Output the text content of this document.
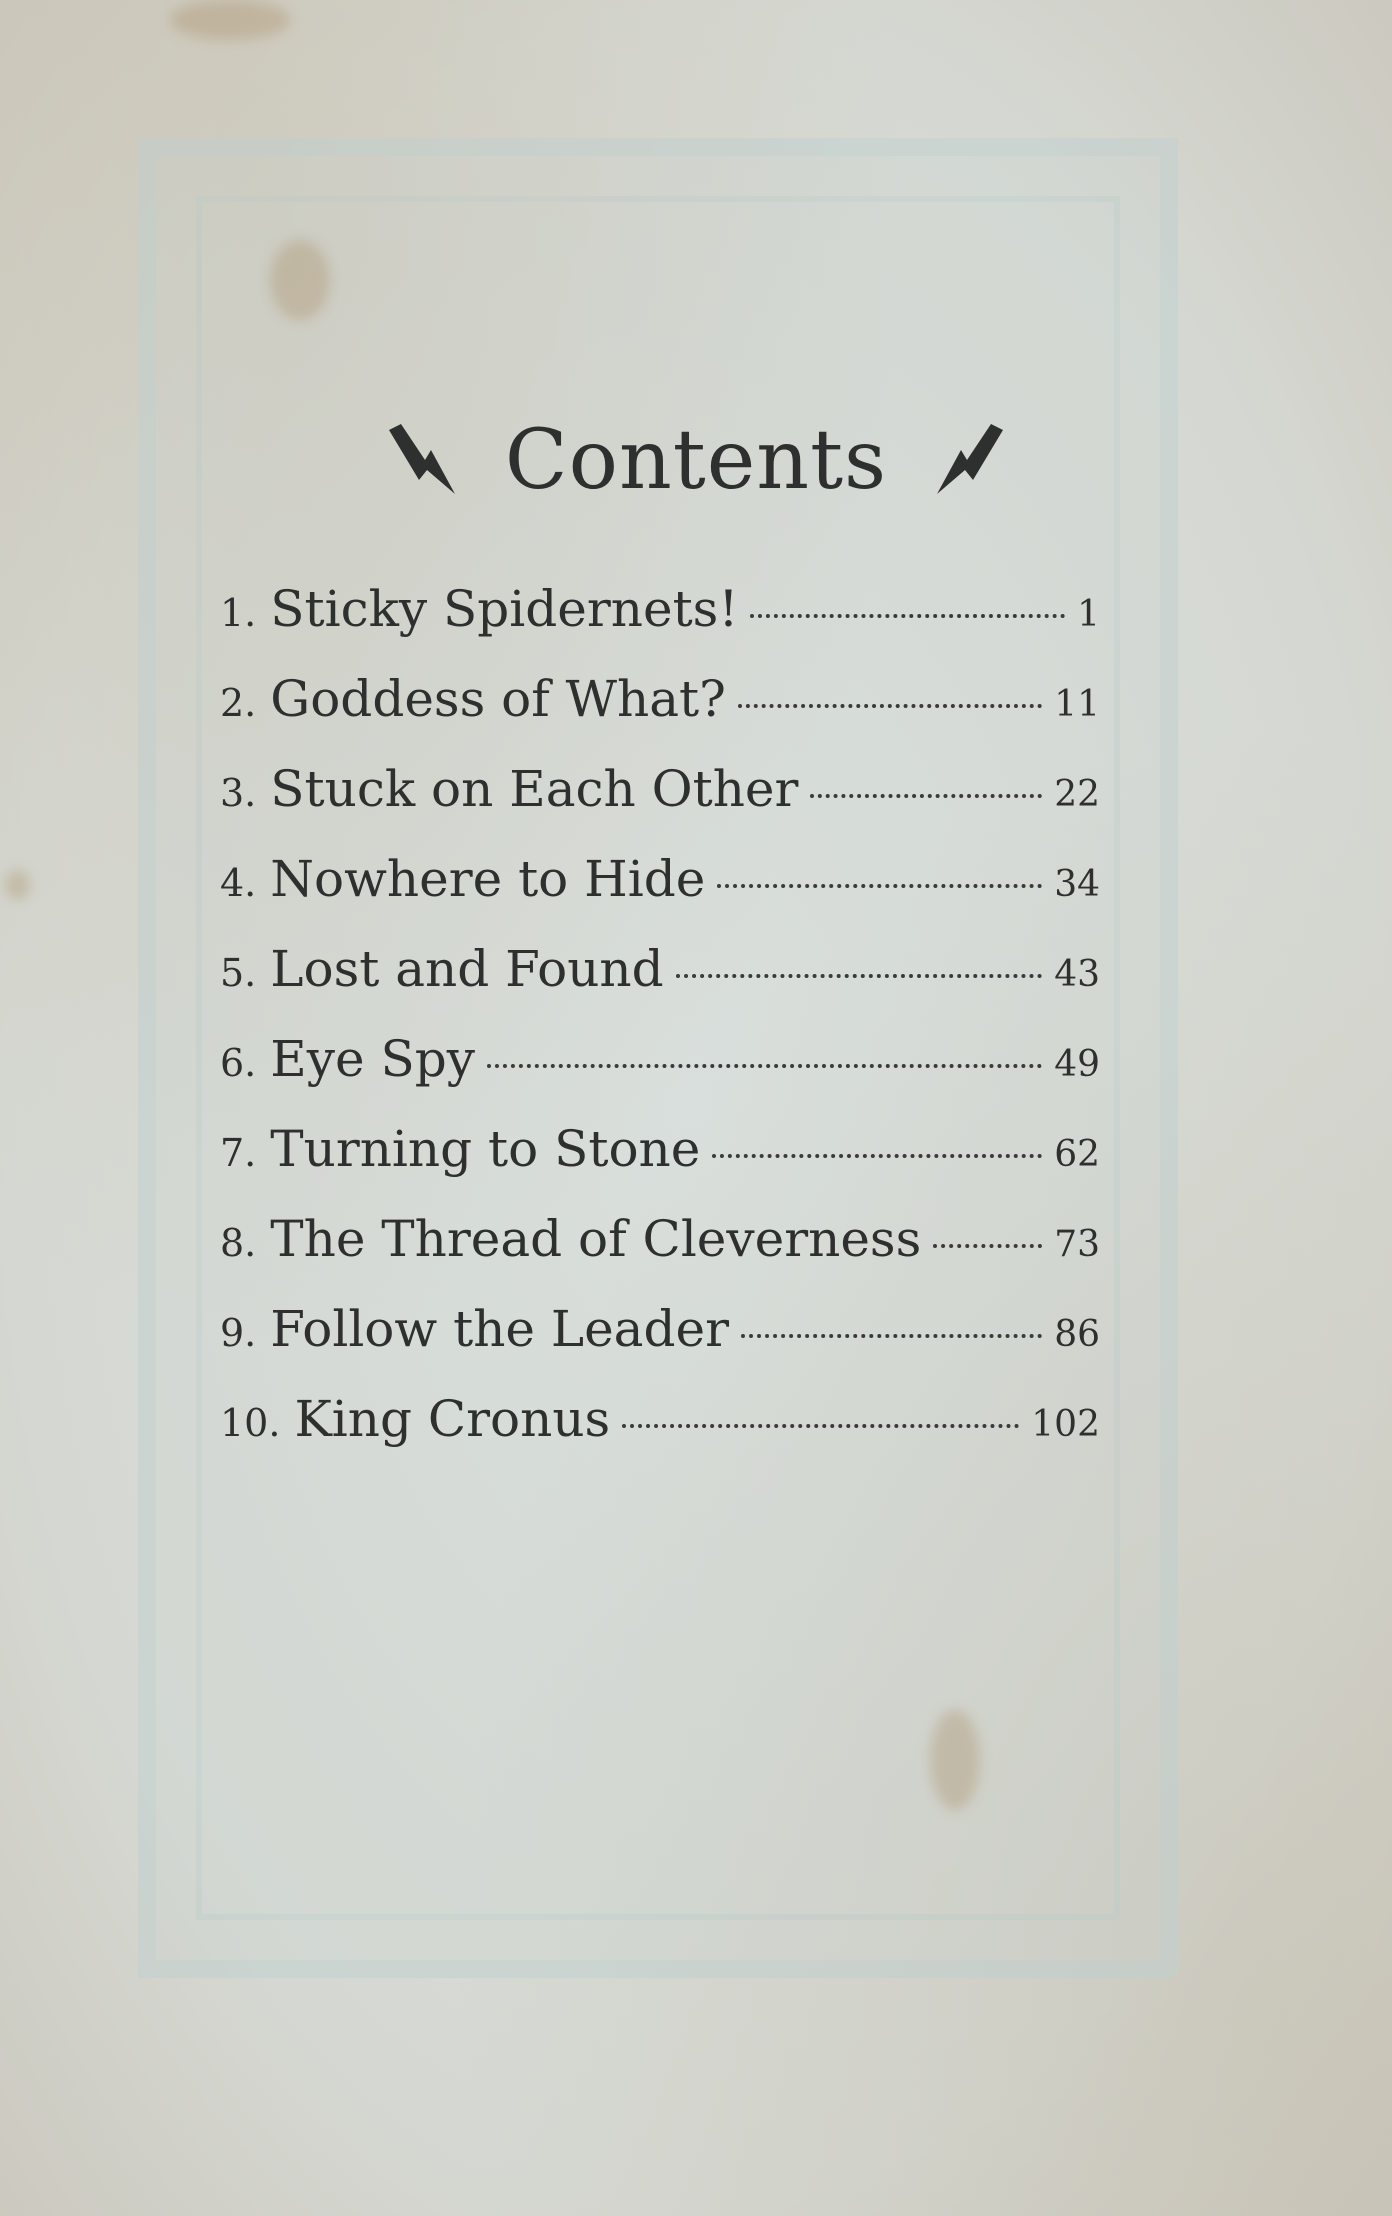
Contents
1. Sticky Spidernets!	1
2. Goddess of What?	11
3. Stuck on Each Other	22
4. Nowhere to Hide	34
5. Lost and Found	43
6. Eye Spy	49
7. Turning to Stone	62
8. The Thread of Cleverness	73
9. Follow the Leader	86
10. King Cronus	102
